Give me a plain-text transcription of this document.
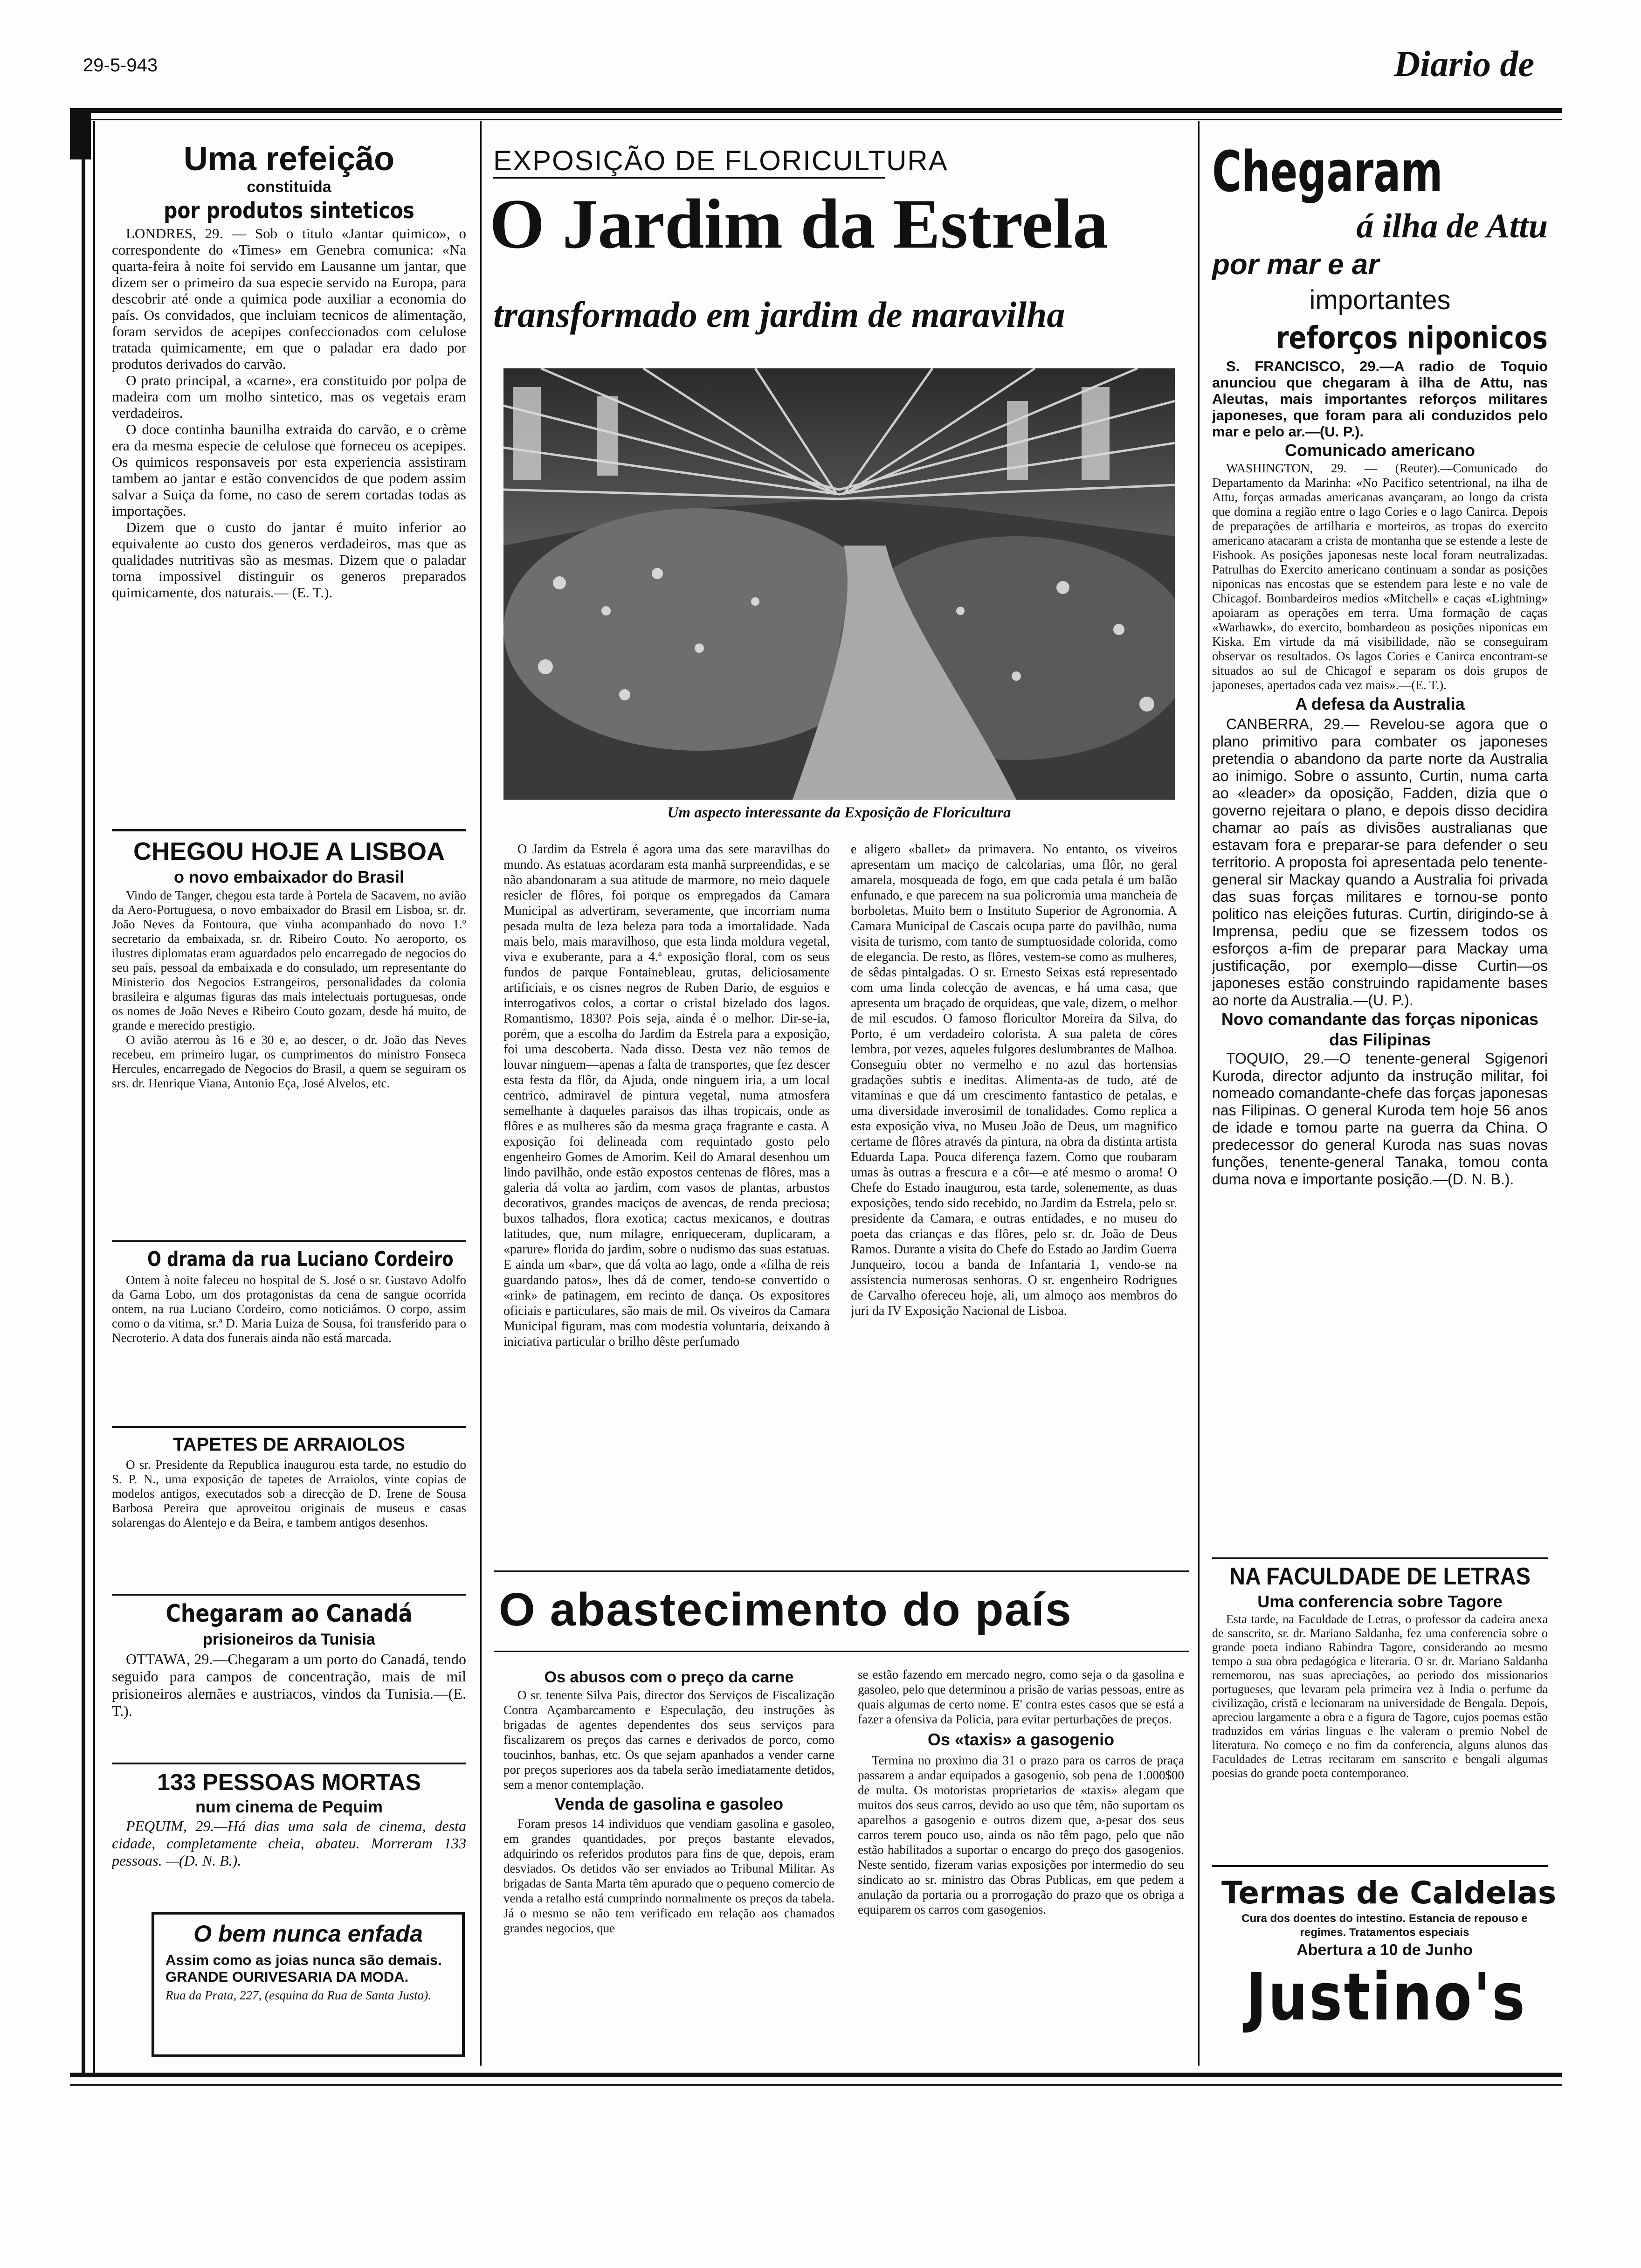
29-5-943	Diario de
Uma refeição
constituida
por produtos sinteticos

LONDRES, 29. — Sob o titulo «Jantar quimico», o correspondente do «Times» em Genebra comunica: «Na quarta-feira à noite foi servido em Lausanne um jantar, que dizem ser o primeiro da sua especie servido na Europa, para descobrir até onde a quimica pode auxiliar a economia do país. Os convidados, que incluiam tecnicos de alimentação, foram servidos de acepipes confeccionados com celulose tratada quimicamente, em que o paladar era dado por produtos derivados do carvão.

O prato principal, a «carne», era constituido por polpa de madeira com um molho sintetico, mas os vegetais eram verdadeiros.

O doce continha baunilha extraida do carvão, e o crème era da mesma especie de celulose que forneceu os acepipes. Os quimicos responsaveis por esta experiencia assistiram tambem ao jantar e estão convencidos de que podem assim salvar a Suiça da fome, no caso de serem cortadas todas as importações.

Dizem que o custo do jantar é muito inferior ao equivalente ao custo dos generos verdadeiros, mas que as qualidades nutritivas são as mesmas. Dizem que o paladar torna impossivel distinguir os generos preparados quimicamente, dos naturais.— (E. T.).

CHEGOU HOJE A LISBOA
o novo embaixador do Brasil

Vindo de Tanger, chegou esta tarde à Portela de Sacavem, no avião da Aero-Portuguesa, o novo embaixador do Brasil em Lisboa, sr. dr. João Neves da Fontoura, que vinha acompanhado do novo 1.º secretario da embaixada, sr. dr. Ribeiro Couto. No aeroporto, os ilustres diplomatas eram aguardados pelo encarregado de negocios do seu país, pessoal da embaixada e do consulado, um representante do Ministerio dos Negocios Estrangeiros, personalidades da colonia brasileira e algumas figuras das mais intelectuais portuguesas, onde os nomes de João Neves e Ribeiro Couto gozam, desde há muito, de grande e merecido prestigio.

O avião aterrou às 16 e 30 e, ao descer, o dr. João das Neves recebeu, em primeiro lugar, os cumprimentos do ministro Fonseca Hercules, encarregado de Negocios do Brasil, a quem se seguiram os srs. dr. Henrique Viana, Antonio Eça, José Alvelos, etc.

O drama da rua Luciano Cordeiro

Ontem à noite faleceu no hospital de S. José o sr. Gustavo Adolfo da Gama Lobo, um dos protagonistas da cena de sangue ocorrida ontem, na rua Luciano Cordeiro, como noticiámos. O corpo, assim como o da vitima, sr.ª D. Maria Luiza de Sousa, foi transferido para o Necroterio. A data dos funerais ainda não está marcada.

TAPETES DE ARRAIOLOS

O sr. Presidente da Republica inaugurou esta tarde, no estudio do S. P. N., uma exposição de tapetes de Arraiolos, vinte copias de modelos antigos, executados sob a direcção de D. Irene de Sousa Barbosa Pereira que aproveitou originais de museus e casas solarengas do Alentejo e da Beira, e tambem antigos desenhos.

Chegaram ao Canadá
prisioneiros da Tunisia

OTTAWA, 29.—Chegaram a um porto do Canadá, tendo seguido para campos de concentração, mais de mil prisioneiros alemães e austriacos, vindos da Tunisia.—(E. T.).

133 PESSOAS MORTAS
num cinema de Pequim

PEQUIM, 29.—Há dias uma sala de cinema, desta cidade, completamente cheia, abateu. Morreram 133 pessoas. —(D. N. B.).

O bem nunca enfada
Assim como as joias nunca são demais. GRANDE OURIVESARIA DA MODA.
Rua da Prata, 227, (esquina da Rua de Santa Justa).
EXPOSIÇÃO DE FLORICULTURA
O Jardim da Estrela
transformado em jardim de maravilha
Um aspecto interessante da Exposição de Floricultura

O Jardim da Estrela é agora uma das sete maravilhas do mundo. As estatuas acordaram esta manhã surpreendidas, e se não abandonaram a sua atitude de marmore, no meio daquele resicler de flôres, foi porque os empregados da Camara Municipal as advertiram, severamente, que incorriam numa pesada multa de leza beleza para toda a imortalidade. Nada mais belo, mais maravilhoso, que esta linda moldura vegetal, viva e exuberante, para a 4.ª exposição floral, com os seus fundos de parque Fontainebleau, grutas, deliciosamente artificiais, e os cisnes negros de Ruben Dario, de esguios e interrogativos colos, a cortar o cristal bizelado dos lagos. Romantismo, 1830? Pois seja, ainda é o melhor. Dir-se-ia, porém, que a escolha do Jardim da Estrela para a exposição, foi uma descoberta. Nada disso. Desta vez não temos de louvar ninguem—apenas a falta de transportes, que fez descer esta festa da flôr, da Ajuda, onde ninguem iria, a um local centrico, admiravel de pintura vegetal, numa atmosfera semelhante à daqueles paraisos das ilhas tropicais, onde as flôres e as mulheres são da mesma graça fragrante e casta. A exposição foi delineada com requintado gosto pelo engenheiro Gomes de Amorim. Keil do Amaral desenhou um lindo pavilhão, onde estão expostos centenas de flôres, mas a galeria dá volta ao jardim, com vasos de plantas, arbustos decorativos, grandes maciços de avencas, de renda preciosa; buxos talhados, flora exotica; cactus mexicanos, e doutras latitudes, que, num milagre, enriqueceram, duplicaram, a «parure» florida do jardim, sobre o nudismo das suas estatuas. E ainda um «bar», que dá volta ao lago, onde a «filha de reis guardando patos», lhes dá de comer, tendo-se convertido o «rink» de patinagem, em recinto de dança. Os expositores oficiais e particulares, são mais de mil. Os viveiros da Camara Municipal figuram, mas com modestia voluntaria, deixando à iniciativa particular o brilho dêste perfumado

e aligero «ballet» da primavera. No entanto, os viveiros apresentam um maciço de calcolarias, uma flôr, no geral amarela, mosqueada de fogo, em que cada petala é um balão enfunado, e que parecem na sua policromia uma mancheia de borboletas. Muito bem o Instituto Superior de Agronomia. A Camara Municipal de Cascais ocupa parte do pavilhão, numa visita de turismo, com tanto de sumptuosidade colorida, como de elegancia. De resto, as flôres, vestem-se como as mulheres, de sêdas pintalgadas. O sr. Ernesto Seixas está representado com uma linda colecção de avencas, e há uma casa, que apresenta um braçado de orquideas, que vale, dizem, o melhor de mil escudos. O famoso floricultor Moreira da Silva, do Porto, é um verdadeiro colorista. A sua paleta de côres lembra, por vezes, aqueles fulgores deslumbrantes de Malhoa. Conseguiu obter no vermelho e no azul das hortensias gradações subtis e ineditas. Alimenta-as de tudo, até de vitaminas e que dá um crescimento fantastico de petalas, e uma diversidade inverosimil de tonalidades. Como replica a esta exposição viva, no Museu João de Deus, um magnifico certame de flôres através da pintura, na obra da distinta artista Eduarda Lapa. Pouca diferença fazem. Como que roubaram umas às outras a frescura e a côr—e até mesmo o aroma! O Chefe do Estado inaugurou, esta tarde, solenemente, as duas exposições, tendo sido recebido, no Jardim da Estrela, pelo sr. presidente da Camara, e outras entidades, e no museu do poeta das crianças e das flôres, pelo sr. dr. João de Deus Ramos. Durante a visita do Chefe do Estado ao Jardim Guerra Junqueiro, tocou a banda de Infantaria 1, vendo-se na assistencia numerosas senhoras. O sr. engenheiro Rodrigues de Carvalho ofereceu hoje, ali, um almoço aos membros do juri da IV Exposição Nacional de Lisboa.

O abastecimento do país
Os abusos com o preço da carne

O sr. tenente Silva Pais, director dos Serviços de Fiscalização Contra Açambarcamento e Especulação, deu instruções às brigadas de agentes dependentes dos seus serviços para fiscalizarem os preços das carnes e derivados de porco, como toucinhos, banhas, etc. Os que sejam apanhados a vender carne por preços superiores aos da tabela serão imediatamente detidos, sem a menor contemplação.

Venda de gasolina e gasoleo

Foram presos 14 individuos que vendiam gasolina e gasoleo, em grandes quantidades, por preços bastante elevados, adquirindo os referidos produtos para fins de que, depois, eram desviados. Os detidos vão ser enviados ao Tribunal Militar. As brigadas de Santa Marta têm apurado que o pequeno comercio de venda a retalho está cumprindo normalmente os preços da tabela. Já o mesmo se não tem verificado em relação aos chamados grandes negocios, que

se estão fazendo em mercado negro, como seja o da gasolina e gasoleo, pelo que determinou a prisão de varias pessoas, entre as quais algumas de certo nome. E' contra estes casos que se está a fazer a ofensiva da Policia, para evitar perturbações de preços.

Os «taxis» a gasogenio

Termina no proximo dia 31 o prazo para os carros de praça passarem a andar equipados a gasogenio, sob pena de 1.000$00 de multa. Os motoristas proprietarios de «taxis» alegam que muitos dos seus carros, devido ao uso que têm, não suportam os aparelhos a gasogenio e outros dizem que, a-pesar dos seus carros terem pouco uso, ainda os não têm pago, pelo que não estão habilitados a suportar o encargo do preço dos gasogenios. Neste sentido, fizeram varias exposições por intermedio do seu sindicato ao sr. ministro das Obras Publicas, em que pedem a anulação da portaria ou a prorrogação do prazo que os obriga a equiparem os carros com gasogenios.

Chegaram
á ilha de Attu
por mar e ar
importantes
reforços niponicos

S. FRANCISCO, 29.—A radio de Toquio anunciou que chegaram à ilha de Attu, nas Aleutas, mais importantes reforços militares japoneses, que foram para ali conduzidos pelo mar e pelo ar.—(U. P.).

Comunicado americano

WASHINGTON, 29. — (Reuter).—Comunicado do Departamento da Marinha: «No Pacifico setentrional, na ilha de Attu, forças armadas americanas avançaram, ao longo da crista que domina a região entre o lago Cories e o lago Canirca. Depois de preparações de artilharia e morteiros, as tropas do exercito americano atacaram a crista de montanha que se estende a leste de Fishook. As posições japonesas neste local foram neutralizadas. Patrulhas do Exercito americano continuam a sondar as posições niponicas nas encostas que se estendem para leste e no vale de Chicagof. Bombardeiros medios «Mitchell» e caças «Lightning» apoiaram as operações em terra. Uma formação de caças «Warhawk», do exercito, bombardeou as posições niponicas em Kiska. Em virtude da má visibilidade, não se conseguiram observar os resultados. Os lagos Cories e Canirca encontram-se situados ao sul de Chicagof e separam os dois grupos de japoneses, apertados cada vez mais».—(E. T.).

A defesa da Australia

CANBERRA, 29.— Revelou-se agora que o plano primitivo para combater os japoneses pretendia o abandono da parte norte da Australia ao inimigo. Sobre o assunto, Curtin, numa carta ao «leader» da oposição, Fadden, dizia que o governo rejeitara o plano, e depois disso decidira chamar ao país as divisões australianas que estavam fora e preparar-se para defender o seu territorio. A proposta foi apresentada pelo tenente-general sir Mackay quando a Australia foi privada das suas forças militares e tornou-se ponto politico nas eleições futuras. Curtin, dirigindo-se à Imprensa, pediu que se fizessem todos os esforços a-fim de preparar para Mackay uma justificação, por exemplo—disse Curtin—os japoneses estão construindo rapidamente bases ao norte da Australia.—(U. P.).

Novo comandante das forças niponicas das Filipinas

TOQUIO, 29.—O tenente-general Sgigenori Kuroda, director adjunto da instrução militar, foi nomeado comandante-chefe das forças japonesas nas Filipinas. O general Kuroda tem hoje 56 anos de idade e tomou parte na guerra da China. O predecessor do general Kuroda nas suas novas funções, tenente-general Tanaka, tomou conta duma nova e importante posição.—(D. N. B.).

NA FACULDADE DE LETRAS
Uma conferencia sobre Tagore

Esta tarde, na Faculdade de Letras, o professor da cadeira anexa de sanscrito, sr. dr. Mariano Saldanha, fez uma conferencia sobre o grande poeta indiano Rabindra Tagore, considerando ao mesmo tempo a sua obra pedagógica e literaria. O sr. dr. Mariano Saldanha rememorou, nas suas apreciações, ao periodo dos missionarios portugueses, que levaram pela primeira vez à India o perfume da civilização, cristã e lecionaram na universidade de Bengala. Depois, apreciou largamente a obra e a figura de Tagore, cujos poemas estão traduzidos em várias linguas e lhe valeram o premio Nobel de literatura. No começo e no fim da conferencia, alguns alunos das Faculdades de Letras recitaram em sanscrito e bengali algumas poesias do grande poeta contemporaneo.

Termas de Caldelas
Cura dos doentes do intestino. Estancia de repouso e regimes. Tratamentos especiais
Abertura a 10 de Junho
Justino's
